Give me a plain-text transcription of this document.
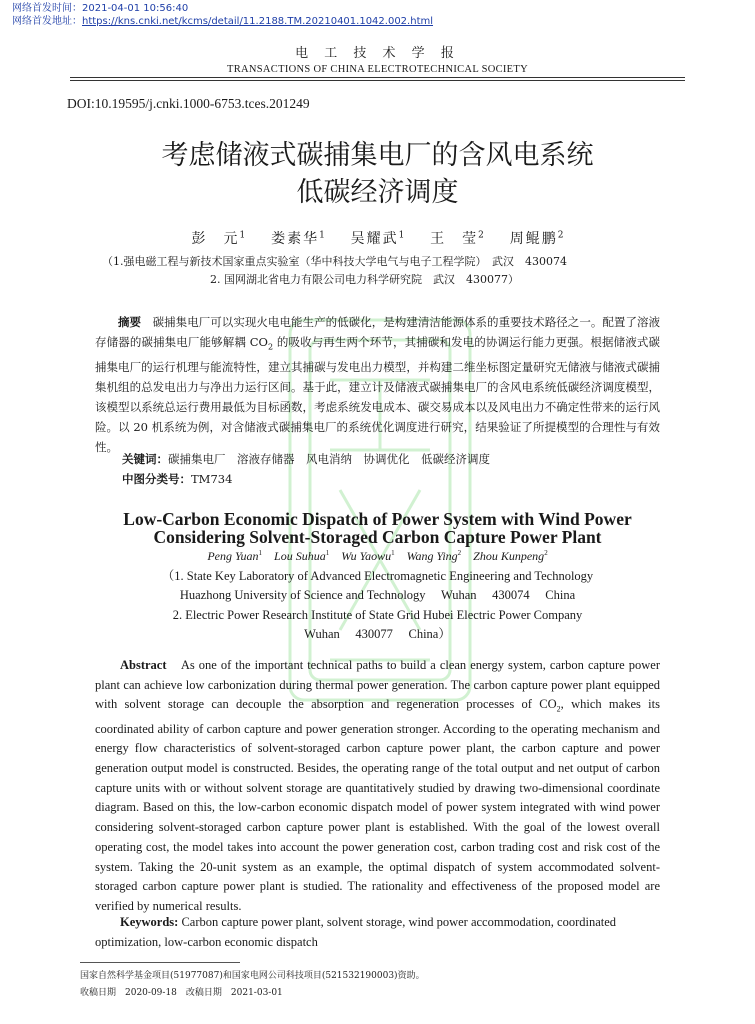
网络首发时间：2021-04-01 10:56:40
网络首发地址：https://kns.cnki.net/kcms/detail/11.2188.TM.20210401.1042.002.html
电 工 技 术 学 报
TRANSACTIONS OF CHINA ELECTROTECHNICAL SOCIETY
DOI:10.19595/j.cnki.1000-6753.tces.201249
考虑储液式碳捕集电厂的含风电系统
低碳经济调度
彭　元$^1$ 娄素华$^1$ 吴耀武$^1$ 王　莹$^2$ 周鲲鹏$^2$
（1.强电磁工程与新技术国家重点实验室（华中科技大学电气与电子工程学院）　武汉　430074
2. 国网湖北省电力有限公司电力科学研究院　武汉　430077）

摘要　碳捕集电厂可以实现火电电能生产的低碳化，是构建清洁能源体系的重要技术路径之一。配置了溶液存储器的碳捕集电厂能够解耦 $CO_2$ 的吸收与再生两个环节，其捕碳和发电的协调运行能力更强。根据储液式碳捕集电厂的运行机理与能流特性，建立其捕碳与发电出力模型，并构建二维坐标图定量研究无储液与储液式碳捕集机组的总发电出力与净出力运行区间。基于此，建立计及储液式碳捕集电厂的含风电系统低碳经济调度模型，该模型以系统总运行费用最低为目标函数，考虑系统发电成本、碳交易成本以及风电出力不确定性带来的运行风险。以 20 机系统为例，对含储液式碳捕集电厂的系统优化调度进行研究，结果验证了所提模型的合理性与有效性。

关键词：碳捕集电厂　溶液存储器　风电消纳　协调优化　低碳经济调度
中图分类号：TM734
Low-Carbon Economic Dispatch of Power System with Wind Power
Considering Solvent-Storaged Carbon Capture Power Plant
Peng Yuan$^1$ Lou Suhua$^1$ Wu Yaowu$^1$ Wang Ying$^2$ Zhou Kunpeng$^2$
（1. State Key Laboratory of Advanced Electromagnetic Engineering and Technology
Huazhong University of Science and Technology　 Wuhan　 430074　 China
2. Electric Power Research Institute of State Grid Hubei Electric Power Company
Wuhan　 430077　 China）

Abstract　As one of the important technical paths to build a clean energy system, carbon capture power plant can achieve low carbonization during thermal power generation. The carbon capture power plant equipped with solvent storage can decouple the absorption and regeneration processes of $CO_2$, which makes its coordinated ability of carbon capture and power generation stronger. According to the operating mechanism and energy flow characteristics of solvent-storaged carbon capture power plant, the carbon capture and power generation output model is constructed. Besides, the operating range of the total output and net output of carbon capture units with or without solvent storage are quantitatively studied by drawing two-dimensional coordinate diagram. Based on this, the low-carbon economic dispatch model of power system integrated with wind power considering solvent-storaged carbon capture power plant is established. With the goal of the lowest overall operating cost, the model takes into account the power generation cost, carbon trading cost and risk cost of the system. Taking the 20-unit system as an example, the optimal dispatch of system accommodated solvent-storaged carbon capture power plant is studied. The rationality and effectiveness of the proposed model are verified by numerical results.

Keywords: Carbon capture power plant, solvent storage, wind power accommodation, coordinated optimization, low-carbon economic dispatch

国家自然科学基金项目(51977087)和国家电网公司科技项目(521532190003)资助。
收稿日期　2020-09-18　改稿日期　2021-03-01
